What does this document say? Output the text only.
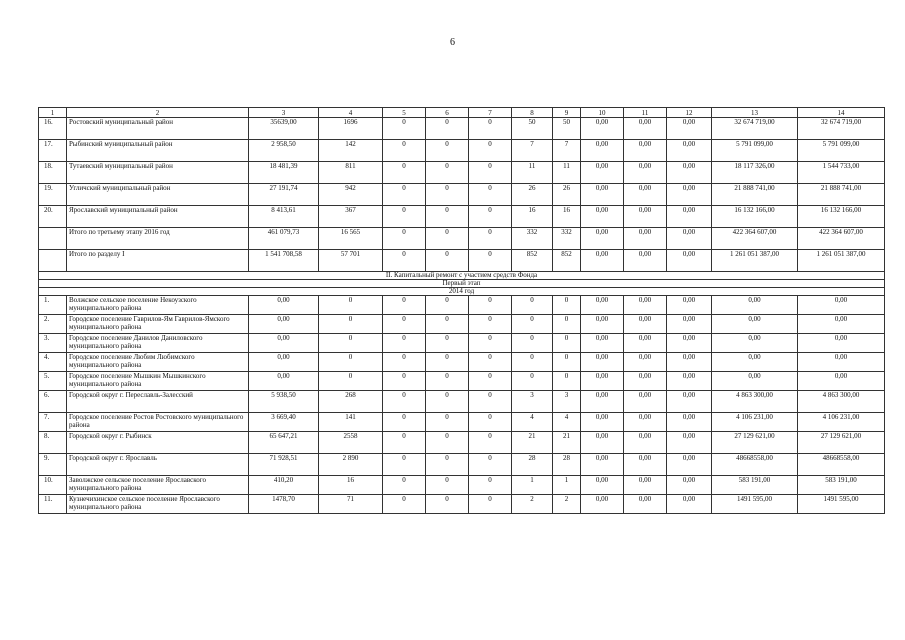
6
1	2	3	4	5	6	7	8	9	10	11	12	13	14
16.	Ростовский муниципальный район	35639,00	1696	0	0	0	50	50	0,00	0,00	0,00	32 674 719,00	32 674 719,00
17.	Рыбинский муниципальный район	2 958,50	142	0	0	0	7	7	0,00	0,00	0,00	5 791 099,00	5 791 099,00
18.	Тутаевский муниципальный район	18 481,39	811	0	0	0	11	11	0,00	0,00	0,00	18 117 326,00	1 544 733,00
19.	Угличский муниципальный район	27 191,74	942	0	0	0	26	26	0,00	0,00	0,00	21 888 741,00	21 888 741,00
20.	Ярославский муниципальный район	8 413,61	367	0	0	0	16	16	0,00	0,00	0,00	16 132 166,00	16 132 166,00
	Итого по третьему этапу 2016 год	461 079,73	16 565	0	0	0	332	332	0,00	0,00	0,00	422 364 607,00	422 364 607,00
	Итого по разделу I	1 541 708,58	57 701	0	0	0	852	852	0,00	0,00	0,00	1 261 051 387,00	1 261 051 387,00
II. Капитальный ремонт с участием средств Фонда													
Первый этап													
2014 год													
1.	Волжское сельское поселение Некоузского муниципального района	0,00	0	0	0	0	0	0	0,00	0,00	0,00	0,00	0,00
2.	Городское поселение Гаврилов-Ям Гаврилов-Ямского муниципального района	0,00	0	0	0	0	0	0	0,00	0,00	0,00	0,00	0,00
3.	Городское поселение Данилов Даниловского муниципального района	0,00	0	0	0	0	0	0	0,00	0,00	0,00	0,00	0,00
4.	Городское поселение Любим Любимского муниципального района	0,00	0	0	0	0	0	0	0,00	0,00	0,00	0,00	0,00
5.	Городское поселение Мышкин Мышкинского муниципального района	0,00	0	0	0	0	0	0	0,00	0,00	0,00	0,00	0,00
6.	Городской округ г. Переславль-Залесский	5 938,50	268	0	0	0	3	3	0,00	0,00	0,00	4 863 300,00	4 863 300,00
7.	Городское поселение Ростов Ростовского муниципального района	3 669,40	141	0	0	0	4	4	0,00	0,00	0,00	4 106 231,00	4 106 231,00
8.	Городской округ г. Рыбинск	65 647,21	2558	0	0	0	21	21	0,00	0,00	0,00	27 129 621,00	27 129 621,00
9.	Городской округ г. Ярославль	71 928,51	2 890	0	0	0	28	28	0,00	0,00	0,00	48668558,00	48668558,00
10.	Заволжское сельское поселение Ярославского муниципального района	410,20	16	0	0	0	1	1	0,00	0,00	0,00	583 191,00	583 191,00
11.	Кузнечихинское сельское поселение Ярославского муниципального района	1478,70	71	0	0	0	2	2	0,00	0,00	0,00	1491 595,00	1491 595,00
